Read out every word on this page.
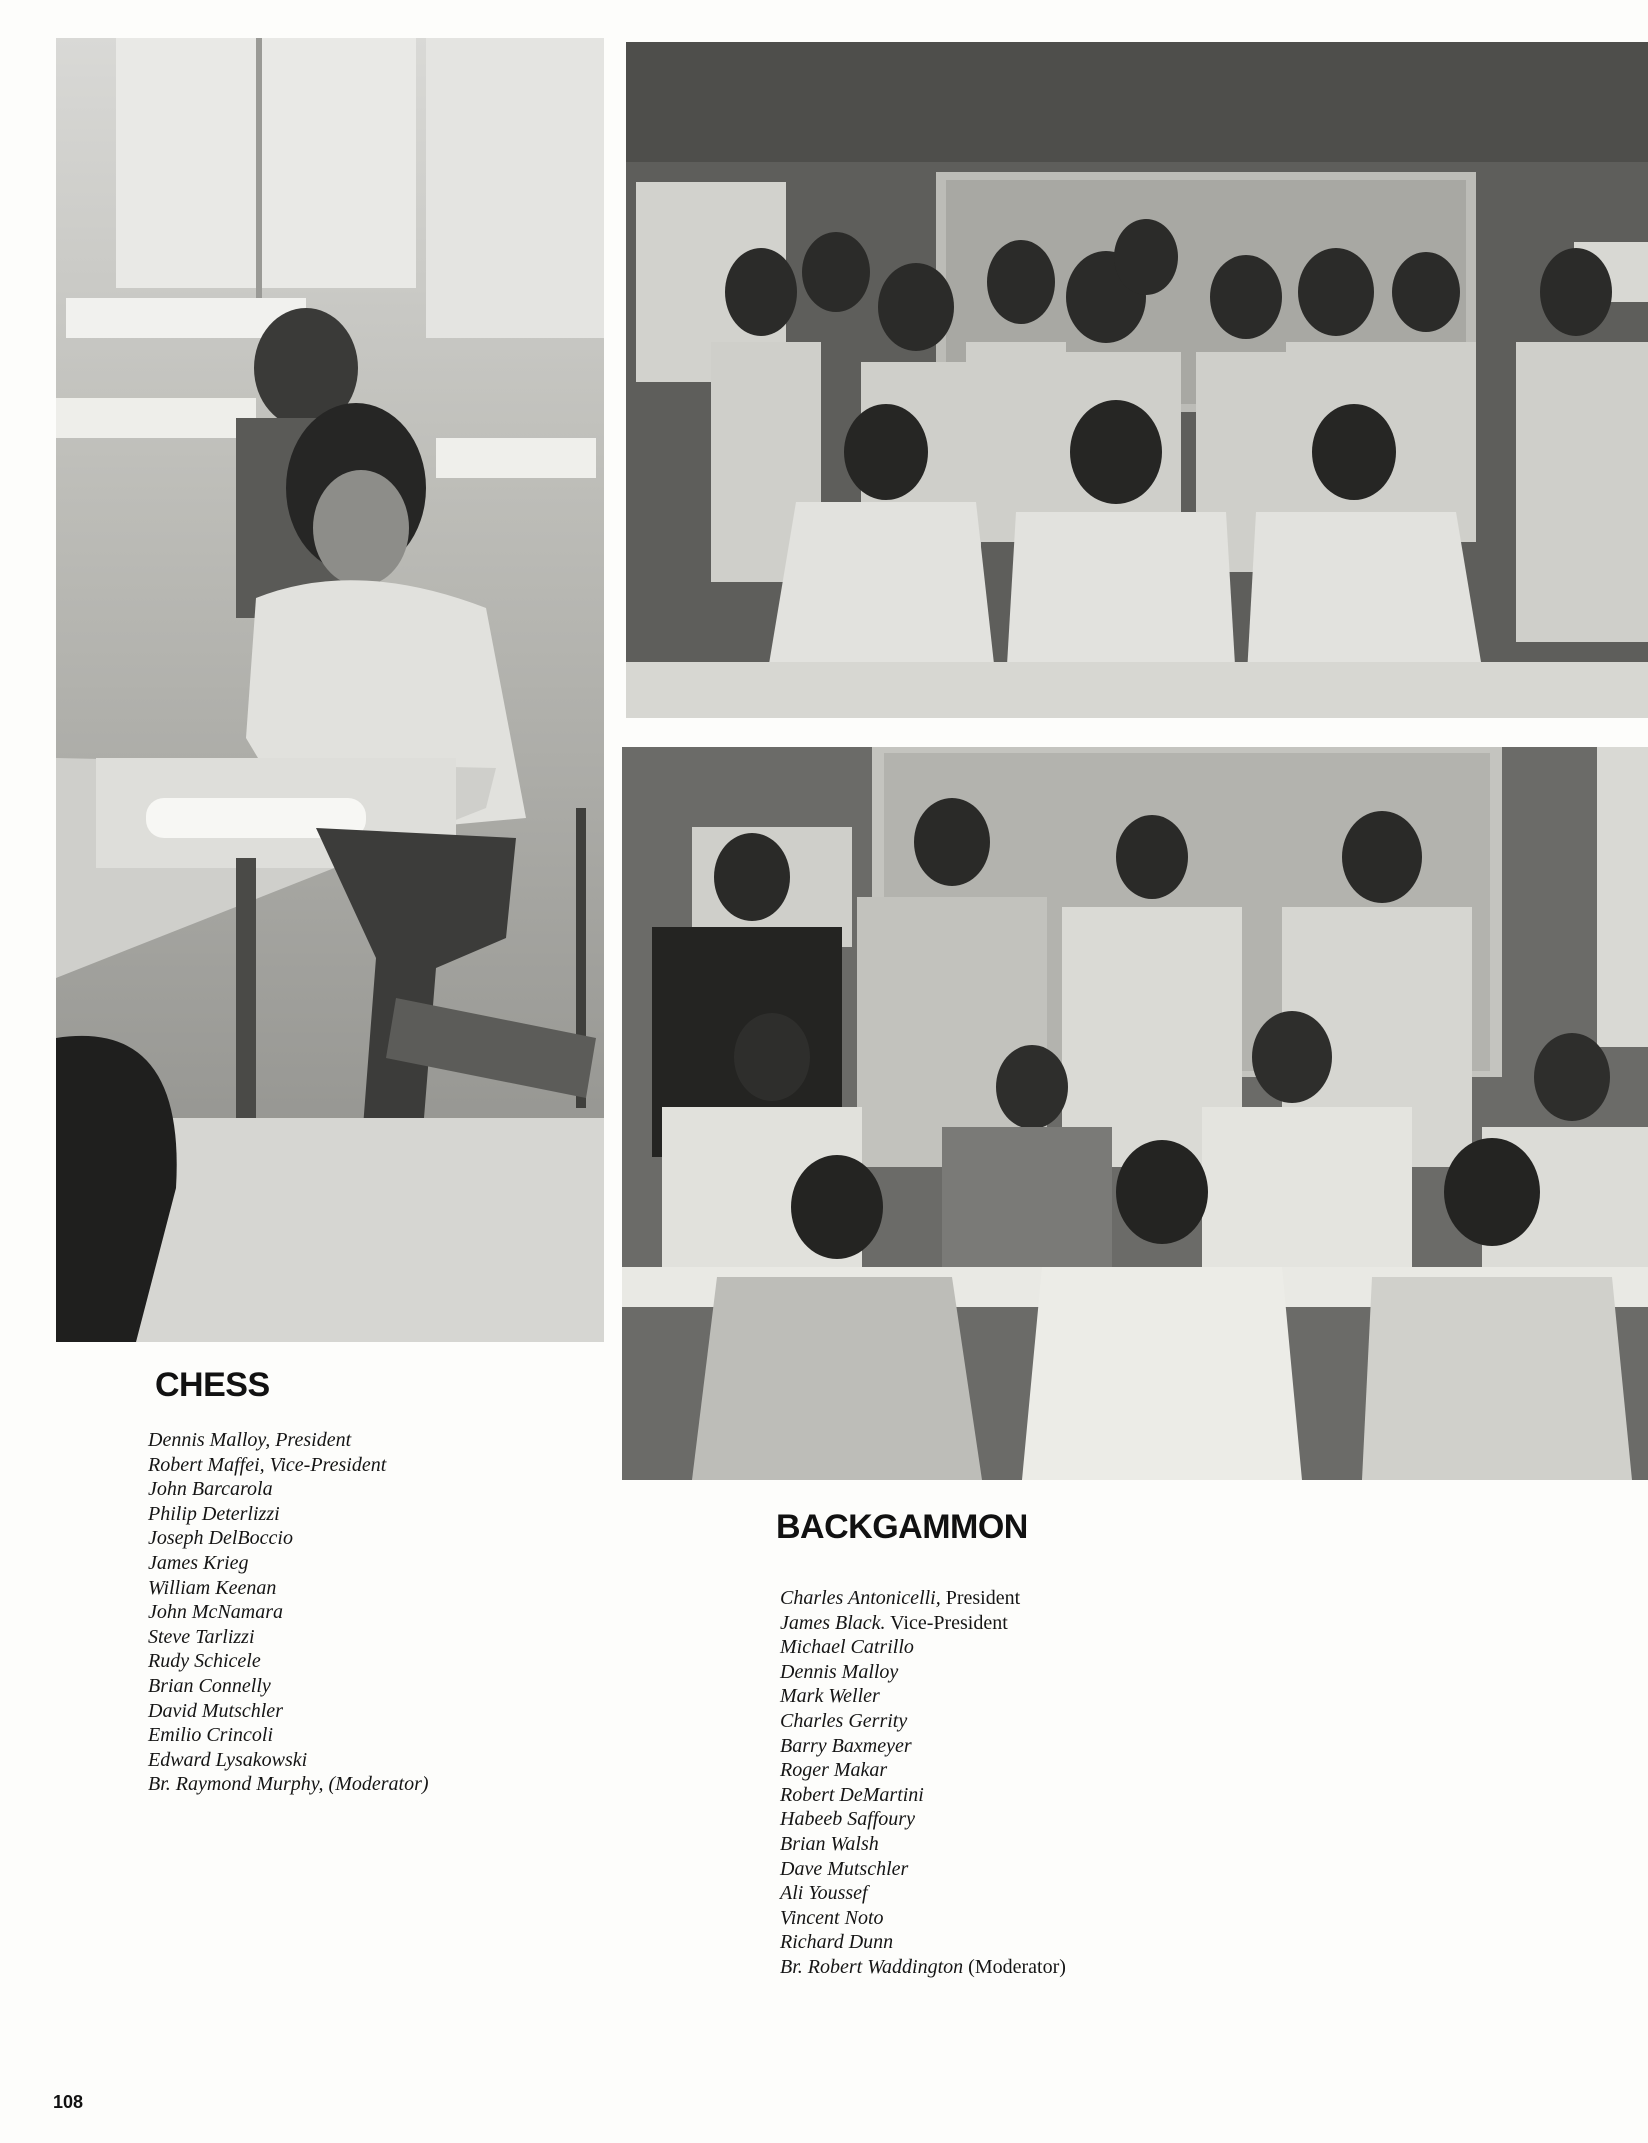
CHESS
Dennis Malloy, President
Robert Maffei, Vice-President
John Barcarola
Philip Deterlizzi
Joseph DelBoccio
James Krieg
William Keenan
John McNamara
Steve Tarlizzi
Rudy Schicele
Brian Connelly
David Mutschler
Emilio Crincoli
Edward Lysakowski
Br. Raymond Murphy, (Moderator)
BACKGAMMON
Charles Antonicelli, President
James Black. Vice-President
Michael Catrillo
Dennis Malloy
Mark Weller
Charles Gerrity
Barry Baxmeyer
Roger Makar
Robert DeMartini
Habeeb Saffoury
Brian Walsh
Dave Mutschler
Ali Youssef
Vincent Noto
Richard Dunn
Br. Robert Waddington (Moderator)

108
